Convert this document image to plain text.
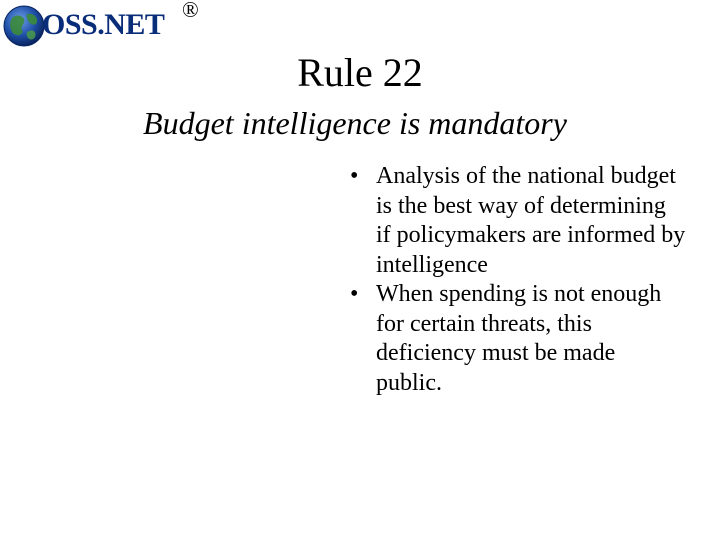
OSS.NET ®
Rule 22
Budget intelligence is mandatory
• Analysis of the national budget is the best way of determining if policymakers are informed by intelligence
• When spending is not enough for certain threats, this deficiency must be made public.
